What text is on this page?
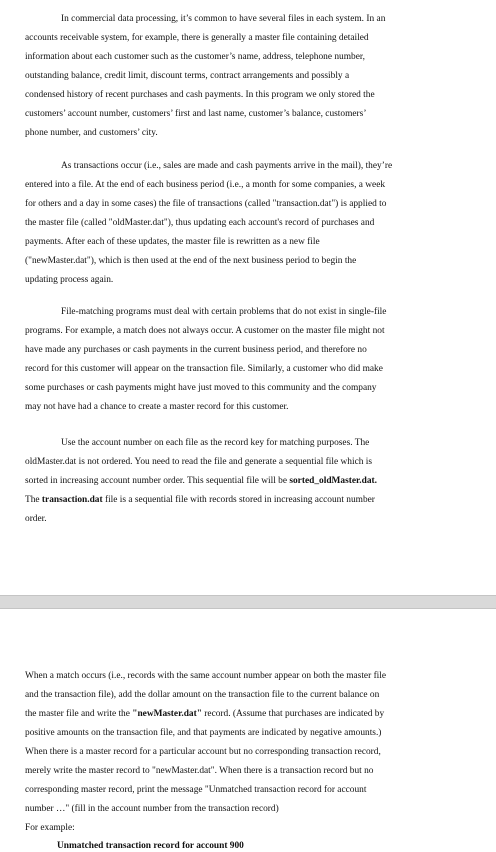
In commercial data processing, it’s common to have several files in each system. In an
accounts receivable system, for example, there is generally a master file containing detailed
information about each customer such as the customer’s name, address, telephone number,
outstanding balance, credit limit, discount terms, contract arrangements and possibly a
condensed history of recent purchases and cash payments. In this program we only stored the
customers’ account number, customers’ first and last name, customer’s balance, customers’
phone number, and customers’ city.
As transactions occur (i.e., sales are made and cash payments arrive in the mail), they’re
entered into a file. At the end of each business period (i.e., a month for some companies, a week
for others and a day in some cases) the file of transactions (called "transaction.dat") is applied to
the master file (called "oldMaster.dat"), thus updating each account's record of purchases and
payments. After each of these updates, the master file is rewritten as a new file
("newMaster.dat"), which is then used at the end of the next business period to begin the
updating process again.
File-matching programs must deal with certain problems that do not exist in single-file
programs. For example, a match does not always occur. A customer on the master file might not
have made any purchases or cash payments in the current business period, and therefore no
record for this customer will appear on the transaction file. Similarly, a customer who did make
some purchases or cash payments might have just moved to this community and the company
may not have had a chance to create a master record for this customer.
Use the account number on each file as the record key for matching purposes. The
oldMaster.dat is not ordered. You need to read the file and generate a sequential file which is
sorted in increasing account number order. This sequential file will be sorted_oldMaster.dat.
The transaction.dat file is a sequential file with records stored in increasing account number
order.
When a match occurs (i.e., records with the same account number appear on both the master file
and the transaction file), add the dollar amount on the transaction file to the current balance on
the master file and write the "newMaster.dat" record. (Assume that purchases are indicated by
positive amounts on the transaction file, and that payments are indicated by negative amounts.)
When there is a master record for a particular account but no corresponding transaction record,
merely write the master record to "newMaster.dat". When there is a transaction record but no
corresponding master record, print the message "Unmatched transaction record for account
number …" (fill in the account number from the transaction record)
For example:
Unmatched transaction record for account 900
